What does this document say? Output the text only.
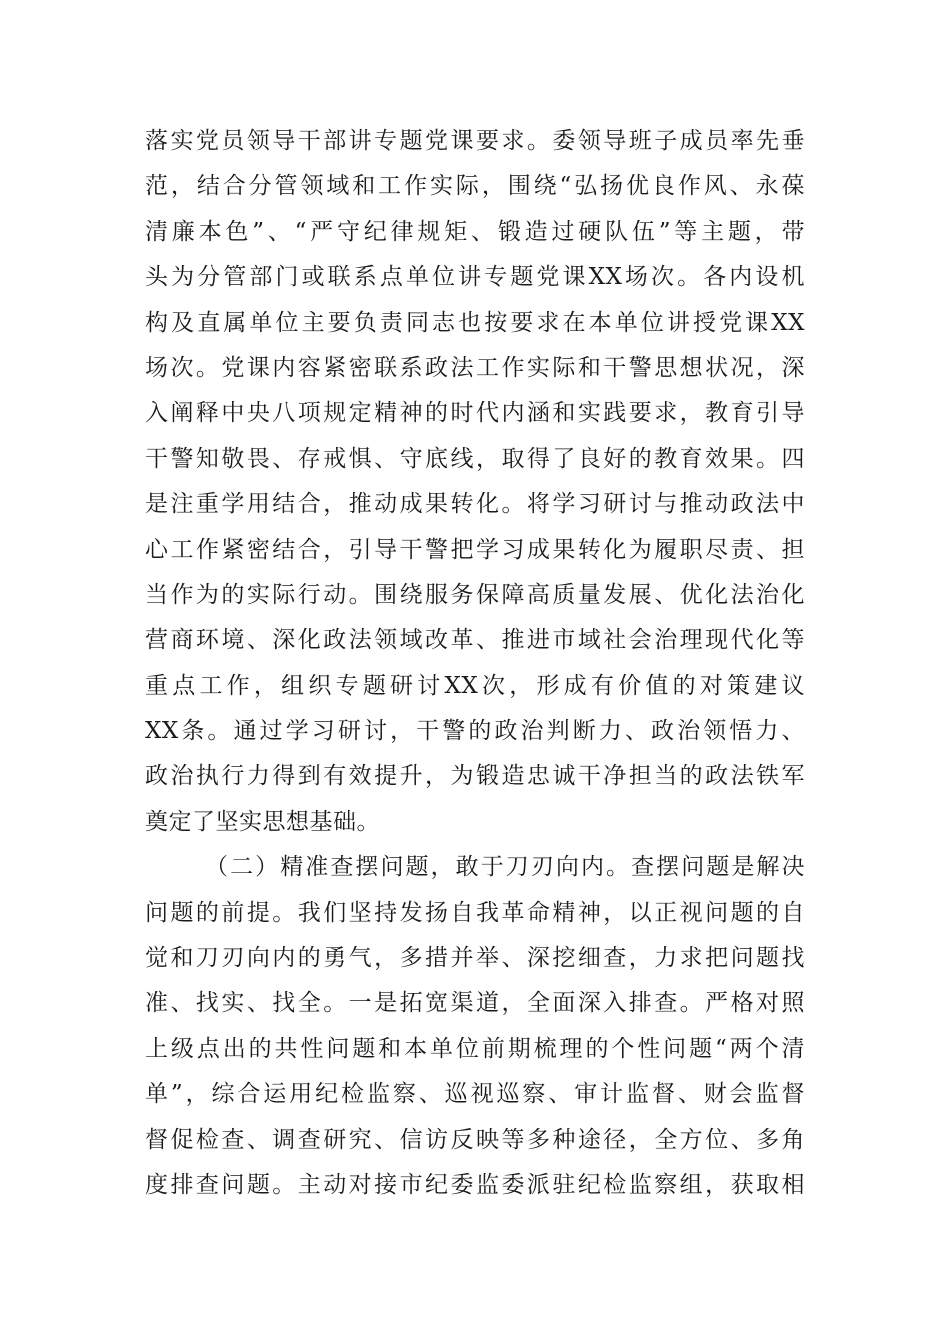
落实党员领导干部讲专题党课要求。委领导班子成员率先垂
范，结合分管领域和工作实际，围绕“弘扬优良作风、永葆
清廉本色”、“严守纪律规矩、锻造过硬队伍”等主题，带
头为分管部门或联系点单位讲专题党课XX场次。各内设机
构及直属单位主要负责同志也按要求在本单位讲授党课XX
场次。党课内容紧密联系政法工作实际和干警思想状况，深
入阐释中央八项规定精神的时代内涵和实践要求，教育引导
干警知敬畏、存戒惧、守底线，取得了良好的教育效果。四
是注重学用结合，推动成果转化。将学习研讨与推动政法中
心工作紧密结合，引导干警把学习成果转化为履职尽责、担
当作为的实际行动。围绕服务保障高质量发展、优化法治化
营商环境、深化政法领域改革、推进市域社会治理现代化等
重点工作，组织专题研讨XX次，形成有价值的对策建议
XX条。通过学习研讨，干警的政治判断力、政治领悟力、
政治执行力得到有效提升，为锻造忠诚干净担当的政法铁军
奠定了坚实思想基础。
（二）精准查摆问题，敢于刀刃向内。查摆问题是解决
问题的前提。我们坚持发扬自我革命精神，以正视问题的自
觉和刀刃向内的勇气，多措并举、深挖细查，力求把问题找
准、找实、找全。一是拓宽渠道，全面深入排查。严格对照
上级点出的共性问题和本单位前期梳理的个性问题“两个清
单”，综合运用纪检监察、巡视巡察、审计监督、财会监督
督促检查、调查研究、信访反映等多种途径，全方位、多角
度排查问题。主动对接市纪委监委派驻纪检监察组，获取相
